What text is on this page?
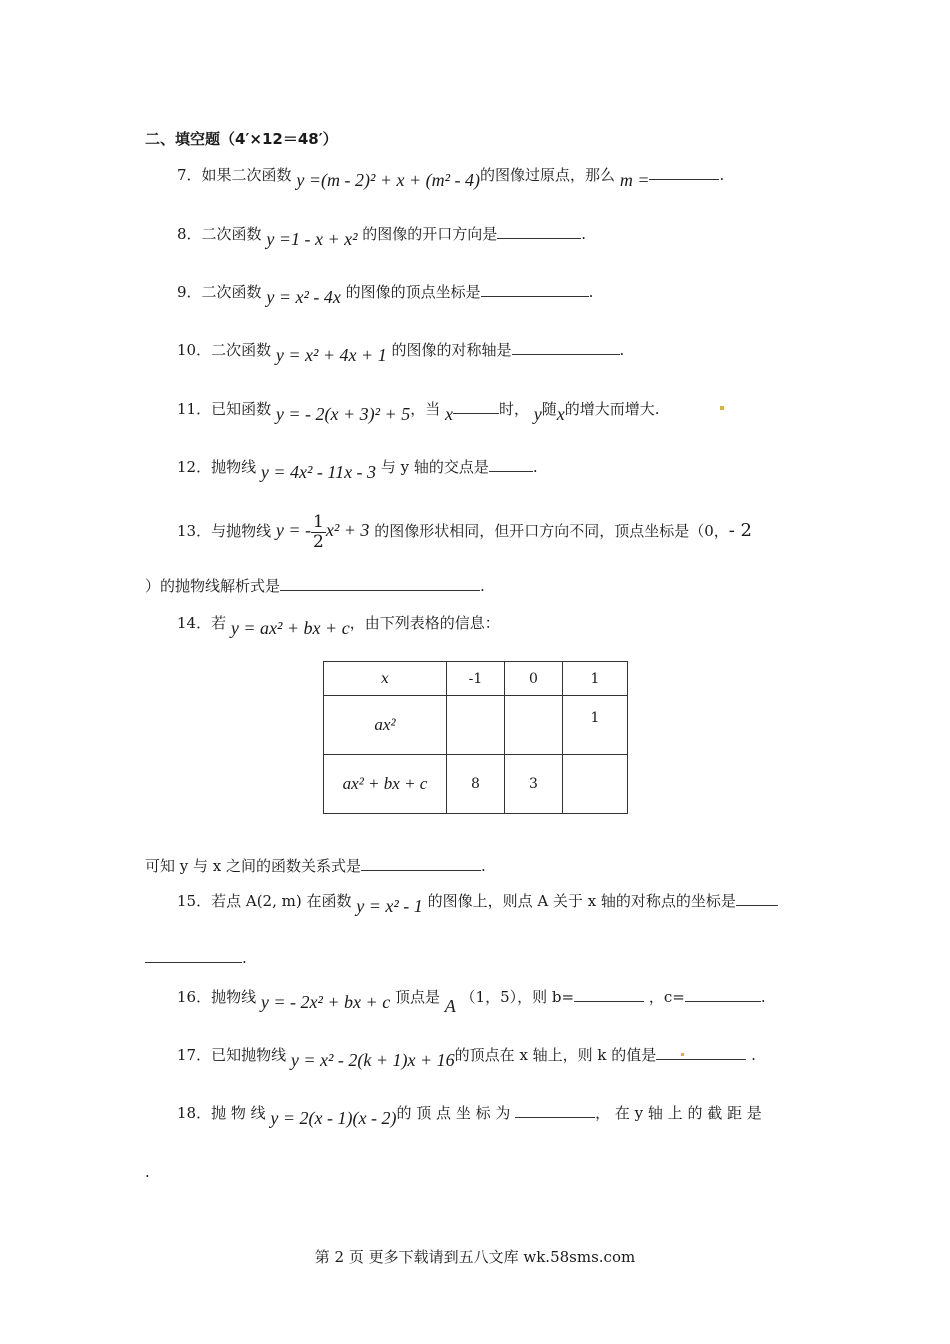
二、填空题（4′×12＝48′）
7．如果二次函数 y =(m - 2)² + x + (m² - 4)的图像过原点，那么 m =	.
8．二次函数 y =1 - x + x² 的图像的开口方向是	.
9．二次函数 y = x² - 4x 的图像的顶点坐标是	.
10．二次函数 y = x² + 4x + 1 的图像的对称轴是	.
11．已知函数 y = - 2(x + 3)² + 5，当 x	时， y随x的增大而增大.
12．抛物线 y = 4x² - 11x - 3 与 y 轴的交点是	.
13．与抛物线 y = - $\frac{1}{2} x^2 + 3$ 的图像形状相同，但开口方向不同，顶点坐标是（0，- 2
）的抛物线解析式是	.
14．若 y = ax² + bx + c，由下列表格的信息：
x	-1	0	1
ax²			1
ax² + bx + c	8	3	
可知 y 与 x 之间的函数关系式是	.
15．若点 A(2, m) 在函数 y = x² - 1 的图像上，则点 A 关于 x 轴的对称点的坐标是
.
16．抛物线 y = - 2x² + bx + c 顶点是 A （1，5），则 b=	，c=	.
17．已知抛物线 y = x² - 2(k + 1)x + 16的顶点在 x 轴上，则 k 的值是	.
18．抛 物 线 y = 2(x - 1)(x - 2)的 顶 点 坐 标 为	， 在 y 轴 上 的 截 距 是
.
第 2 页 更多下载请到五八文库 wk.58sms.com
